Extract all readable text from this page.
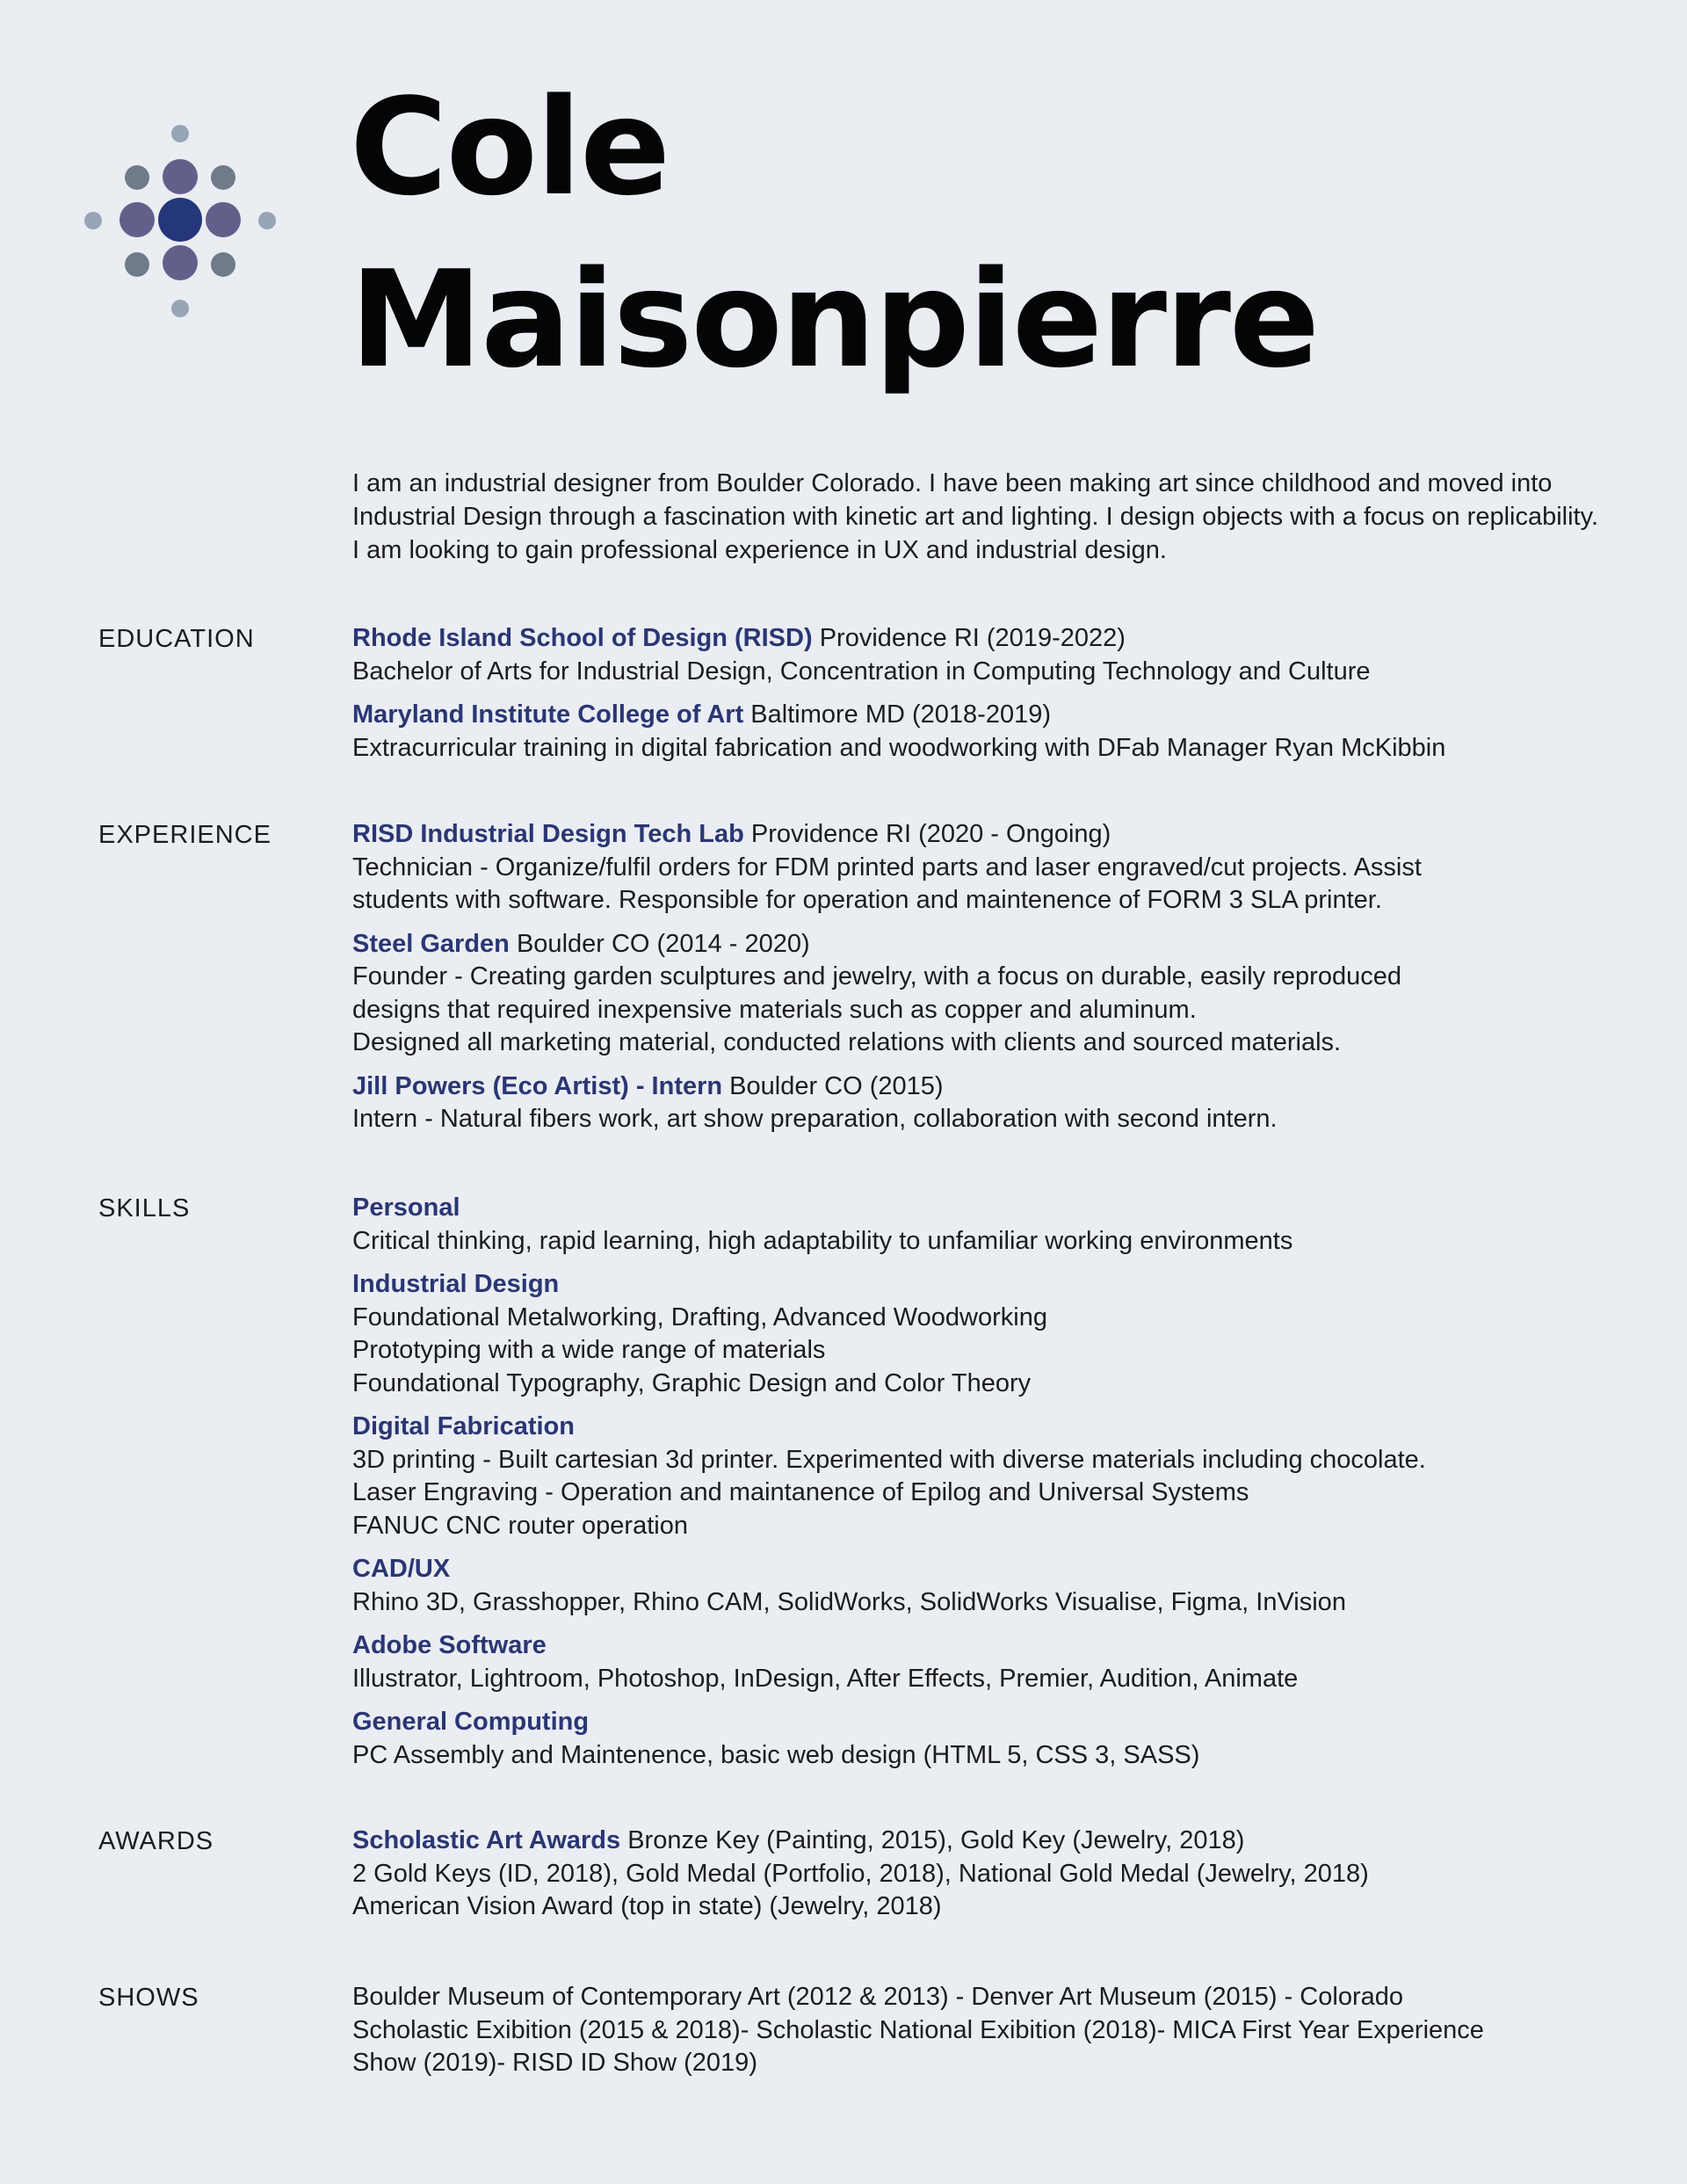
Cole
Maisonpierre

I am an industrial designer from Boulder Colorado. I have been making art since childhood and moved into Industrial Design through a fascination with kinetic art and lighting. I design objects with a focus on replicability. I am looking to gain professional experience in UX and industrial design.

EDUCATION
EXPERIENCE
SKILLS
AWARDS
SHOWS
Rhode Island School of Design (RISD) Providence RI (2019-2022)
Bachelor of Arts for Industrial Design, Concentration in Computing Technology and Culture
Maryland Institute College of Art Baltimore MD (2018-2019)
Extracurricular training in digital fabrication and woodworking with DFab Manager Ryan McKibbin
RISD Industrial Design Tech Lab Providence RI (2020 - Ongoing)
Technician - Organize/fulfil orders for FDM printed parts and laser engraved/cut projects. Assist
students with software. Responsible for operation and maintenence of FORM 3 SLA printer.
Steel Garden Boulder CO (2014 - 2020)
Founder - Creating garden sculptures and jewelry, with a focus on durable, easily reproduced
designs that required inexpensive materials such as copper and aluminum.
Designed all marketing material, conducted relations with clients and sourced materials.
Jill Powers (Eco Artist) - Intern Boulder CO (2015)
Intern - Natural fibers work, art show preparation, collaboration with second intern.
Personal
Critical thinking, rapid learning, high adaptability to unfamiliar working environments
Industrial Design
Foundational Metalworking, Drafting, Advanced Woodworking
Prototyping with a wide range of materials
Foundational Typography, Graphic Design and Color Theory
Digital Fabrication
3D printing - Built cartesian 3d printer. Experimented with diverse materials including chocolate.
Laser Engraving - Operation and maintanence of Epilog and Universal Systems
FANUC CNC router operation
CAD/UX
Rhino 3D, Grasshopper, Rhino CAM, SolidWorks, SolidWorks Visualise, Figma, InVision
Adobe Software
Illustrator, Lightroom, Photoshop, InDesign, After Effects, Premier, Audition, Animate
General Computing
PC Assembly and Maintenence, basic web design (HTML 5, CSS 3, SASS)
Scholastic Art Awards Bronze Key (Painting, 2015), Gold Key (Jewelry, 2018)
2 Gold Keys (ID, 2018), Gold Medal (Portfolio, 2018), National Gold Medal (Jewelry, 2018)
American Vision Award (top in state) (Jewelry, 2018)
Boulder Museum of Contemporary Art (2012 & 2013) - Denver Art Museum (2015) - Colorado
Scholastic Exibition (2015 & 2018)- Scholastic National Exibition (2018)- MICA First Year Experience
Show (2019)- RISD ID Show (2019)
